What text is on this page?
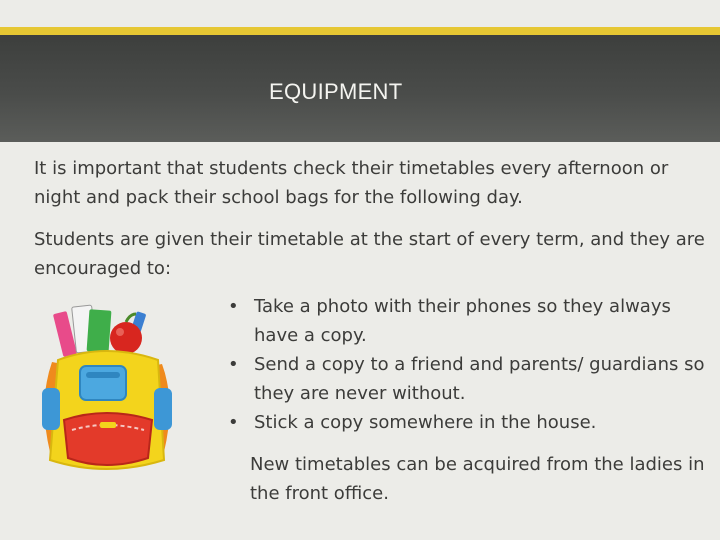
EQUIPMENT
It is important that students check their timetables every afternoon or night and pack their school bags for the following day.
Students are given their timetable at the start of every term, and they are encouraged to:
• Take a photo with their phones so they always have a copy.
• Send a copy to a friend and parents/ guardians so they are never without.
• Stick a copy somewhere in the house.
New timetables can be acquired from the ladies in the front office.
